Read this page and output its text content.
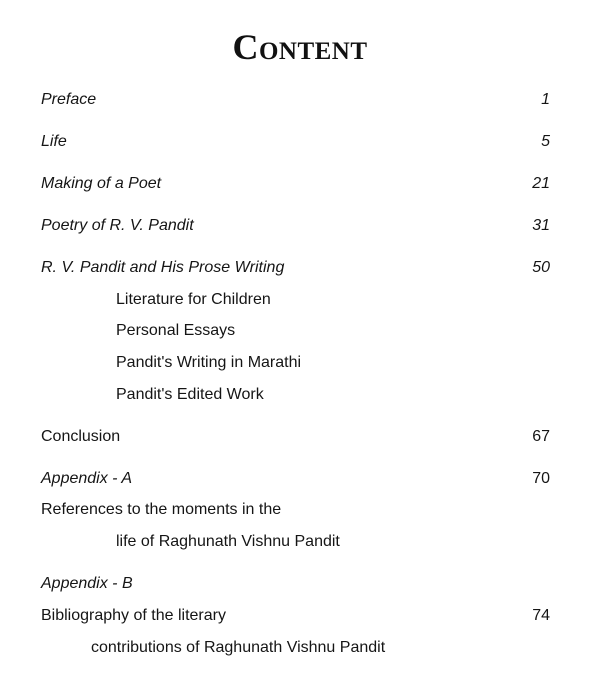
Content
Preface	1
Life	5
Making of a Poet	21
Poetry of R. V. Pandit	31
R. V. Pandit and His Prose Writing	50
Literature for Children
Personal Essays
Pandit's Writing in Marathi
Pandit's Edited Work
Conclusion	67
Appendix - A	70
References to the moments in the
life of Raghunath Vishnu Pandit
Appendix - B
Bibliography of the literary	74
contributions of Raghunath Vishnu Pandit
